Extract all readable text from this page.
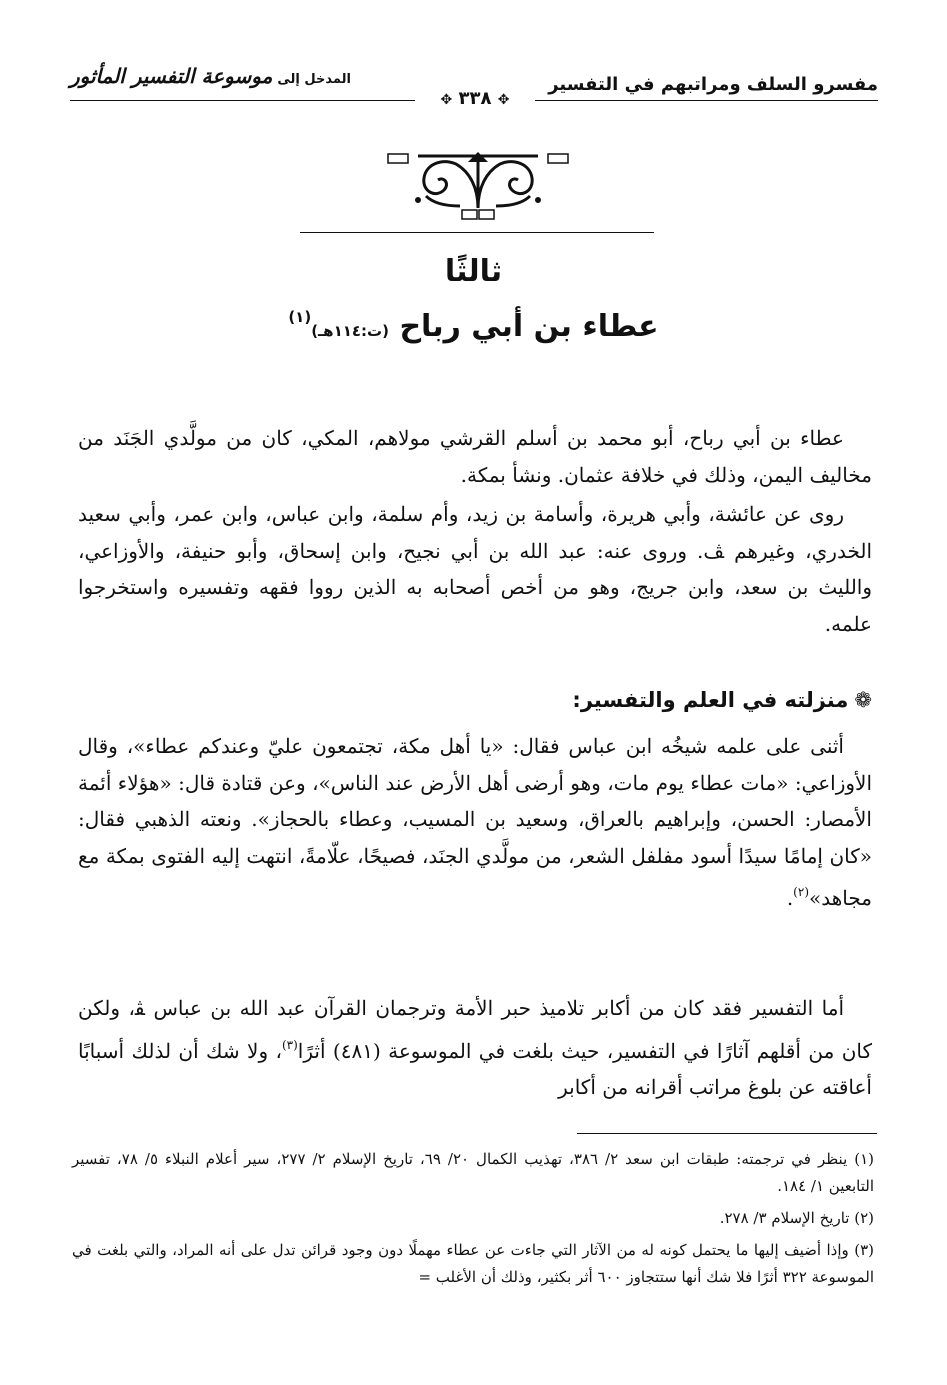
مفسرو السلف ومراتبهم في التفسير
المدخل إلى موسوعة التفسير المأثور
✥ ٣٣٨ ✥
ثالثًا
عطاء بن أبي رباح (ت:١١٤هـ)$^{(١)}$

عطاء بن أبي رباح، أبو محمد بن أسلم القرشي مولاهم، المكي، كان من مولَّدي الجَنَد من مخاليف اليمن، وذلك في خلافة عثمان. ونشأ بمكة.

روى عن عائشة، وأبي هريرة، وأسامة بن زيد، وأم سلمة، وابن عباس، وابن عمر، وأبي سعيد الخدري، وغيرهم ﭫ. وروى عنه: عبد الله بن أبي نجيح، وابن إسحاق، وأبو حنيفة، والأوزاعي، والليث بن سعد، وابن جريج، وهو من أخص أصحابه به الذين رووا فقهه وتفسيره واستخرجوا علمه.

❁منزلته في العلم والتفسير:

أثنى على علمه شيخُه ابن عباس فقال: «يا أهل مكة، تجتمعون عليّ وعندكم عطاء»، وقال الأوزاعي: «مات عطاء يوم مات، وهو أرضى أهل الأرض عند الناس»، وعن قتادة قال: «هؤلاء أئمة الأمصار: الحسن، وإبراهيم بالعراق، وسعيد بن المسيب، وعطاء بالحجاز». ونعته الذهبي فقال: «كان إمامًا سيدًا أسود مفلفل الشعر، من مولَّدي الجنَد، فصيحًا، علّامةً، انتهت إليه الفتوى بمكة مع مجاهد»$^{(٢)}$.

أما التفسير فقد كان من أكابر تلاميذ حبر الأمة وترجمان القرآن عبد الله بن عباس ﭭ، ولكن كان من أقلهم آثارًا في التفسير، حيث بلغت في الموسوعة (٤٨١) أثرًا$^{(٣)}$، ولا شك أن لذلك أسبابًا أعاقته عن بلوغ مراتب أقرانه من أكابر

(١) ينظر في ترجمته: طبقات ابن سعد ٢/ ٣٨٦، تهذيب الكمال ٢٠/ ٦٩، تاريخ الإسلام ٢/ ٢٧٧، سير أعلام النبلاء ٥/ ٧٨، تفسير التابعين ١/ ١٨٤.

(٢) تاريخ الإسلام ٣/ ٢٧٨.

(٣) وإذا أضيف إليها ما يحتمل كونه له من الآثار التي جاءت عن عطاء مهملًا دون وجود قرائن تدل على أنه المراد، والتي بلغت في الموسوعة ٣٢٢ أثرًا فلا شك أنها ستتجاوز ٦٠٠ أثر بكثير، وذلك أن الأغلب =
